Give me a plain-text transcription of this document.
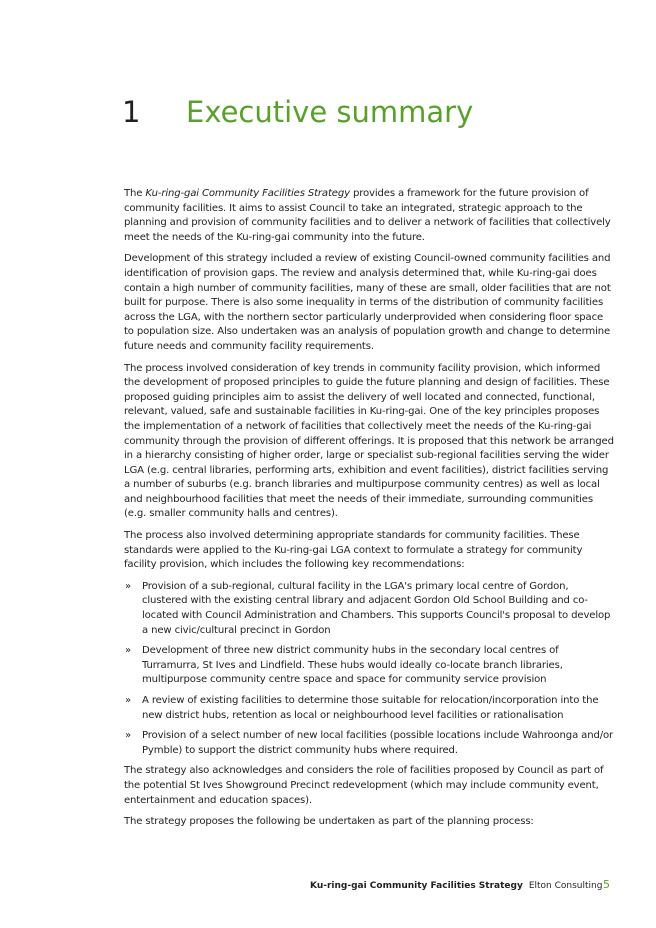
1 Executive summary

The Ku-ring-gai Community Facilities Strategy provides a framework for the future provision of community facilities. It aims to assist Council to take an integrated, strategic approach to the planning and provision of community facilities and to deliver a network of facilities that collectively meet the needs of the Ku-ring-gai community into the future.

Development of this strategy included a review of existing Council-owned community facilities and identification of provision gaps. The review and analysis determined that, while Ku-ring-gai does contain a high number of community facilities, many of these are small, older facilities that are not built for purpose. There is also some inequality in terms of the distribution of community facilities across the LGA, with the northern sector particularly underprovided when considering floor space to population size. Also undertaken was an analysis of population growth and change to determine future needs and community facility requirements.

The process involved consideration of key trends in community facility provision, which informed the development of proposed principles to guide the future planning and design of facilities. These proposed guiding principles aim to assist the delivery of well located and connected, functional, relevant, valued, safe and sustainable facilities in Ku-ring-gai. One of the key principles proposes the implementation of a network of facilities that collectively meet the needs of the Ku-ring-gai community through the provision of different offerings. It is proposed that this network be arranged in a hierarchy consisting of higher order, large or specialist sub-regional facilities serving the wider LGA (e.g. central libraries, performing arts, exhibition and event facilities), district facilities serving a number of suburbs (e.g. branch libraries and multipurpose community centres) as well as local and neighbourhood facilities that meet the needs of their immediate, surrounding communities (e.g. smaller community halls and centres).

The process also involved determining appropriate standards for community facilities. These standards were applied to the Ku-ring-gai LGA context to formulate a strategy for community facility provision, which includes the following key recommendations:

» Provision of a sub-regional, cultural facility in the LGA's primary local centre of Gordon, clustered with the existing central library and adjacent Gordon Old School Building and co-located with Council Administration and Chambers. This supports Council's proposal to develop a new civic/cultural precinct in Gordon
» Development of three new district community hubs in the secondary local centres of Turramurra, St Ives and Lindfield. These hubs would ideally co-locate branch libraries, multipurpose community centre space and space for community service provision
» A review of existing facilities to determine those suitable for relocation/incorporation into the new district hubs, retention as local or neighbourhood level facilities or rationalisation
» Provision of a select number of new local facilities (possible locations include Wahroonga and/or Pymble) to support the district community hubs where required.

The strategy also acknowledges and considers the role of facilities proposed by Council as part of the potential St Ives Showground Precinct redevelopment (which may include community event, entertainment and education spaces).

The strategy proposes the following be undertaken as part of the planning process:

Ku-ring-gai Community Facilities Strategy Elton Consulting 5
